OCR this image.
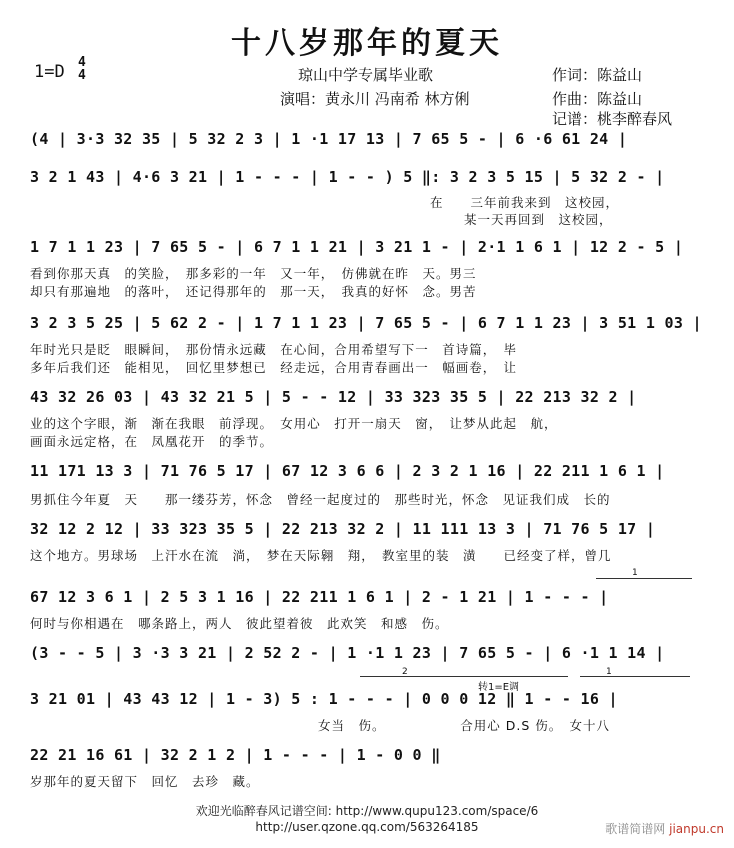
十八岁那年的夏天
1=D 4
4	琼山中学专属毕业歌	作词：陈益山
演唱：黄永川 冯南希 林方俐	作曲：陈益山
记谱：桃李醉春风
(4 | 3·3 32 35 | 5 32 2 3 | 1 ·1 17 13 | 7 65 5 - | 6 ·6 61 24 |
3 2 1 43 | 4·6 3 21 | 1 - - - | 1 - - ) 5 ‖: 3 2 3 5 15 | 5 32 2 - |
在　　三年前我来到　这校园，
某一天再回到　这校园，
1 7 1 1 23 | 7 65 5 - | 6 7 1 1 21 | 3 21 1 - | 2·1 1 6 1 | 12 2 - 5 |
看到你那天真　的笑脸，　那多彩的一年　又一年，　仿佛就在昨　天。男三
却只有那遍地　的落叶，　还记得那年的　那一天，　我真的好怀　念。男苦
3 2 3 5 25 | 5 62 2 - | 1 7 1 1 23 | 7 65 5 - | 6 7 1 1 23 | 3 51 1 03 |
年时光只是眨　眼瞬间，　那份情永远藏　在心间，合用希望写下一　首诗篇，　毕
多年后我们还　能相见，　回忆里梦想已　经走远，合用青春画出一　幅画卷，　让
43 32 26 03 | 43 32 21 5 | 5 - - 12 | 33 323 35 5 | 22 213 32 2 |
业的这个字眼，渐　渐在我眼　前浮现。　女用心　打开一扇天　窗，　让梦从此起　航，
画面永远定格，在　凤凰花开　的季节。
11 171 13 3 | 71 76 5 17 | 67 12 3 6 6 | 2 3 2 1 16 | 22 211 1 6 1 |
男抓住今年夏　天　　那一缕芬芳，怀念　曾经一起度过的　那些时光，怀念　见证我们成　长的
32 12 2 12 | 33 323 35 5 | 22 213 32 2 | 11 111 13 3 | 71 76 5 17 |
这个地方。男球场　上汗水在流　淌，　梦在天际翱　翔，　教室里的装　潢　　已经变了样，曾几
1
67 12 3 6 1 | 2 5 3 1 16 | 22 211 1 6 1 | 2 - 1 21 | 1 - - - |
何时与你相遇在　哪条路上，两人　彼此望着彼　此欢笑　和感　伤。
(3 - - 5 | 3 ·3 3 21 | 2 52 2 - | 1 ·1 1 23 | 7 65 5 - | 6 ·1 1 14 |
2
转1=E调
1
3 21 01 | 43 43 12 | 1 - 3) 5 : 1 - - - | 0 0 0 12 ‖ 1 - - 16 |
女当　伤。　　　　　　合用心 D.S 伤。　女十八
22 21 16 61 | 32 2 1 2 | 1 - - - | 1 - 0 0 ‖
岁那年的夏天留下　回忆　去珍　藏。
欢迎光临醉春风记谱空间: http://www.qupu123.com/space/6
http://user.qzone.qq.com/563264185	歌谱简谱网 jianpu.cn
